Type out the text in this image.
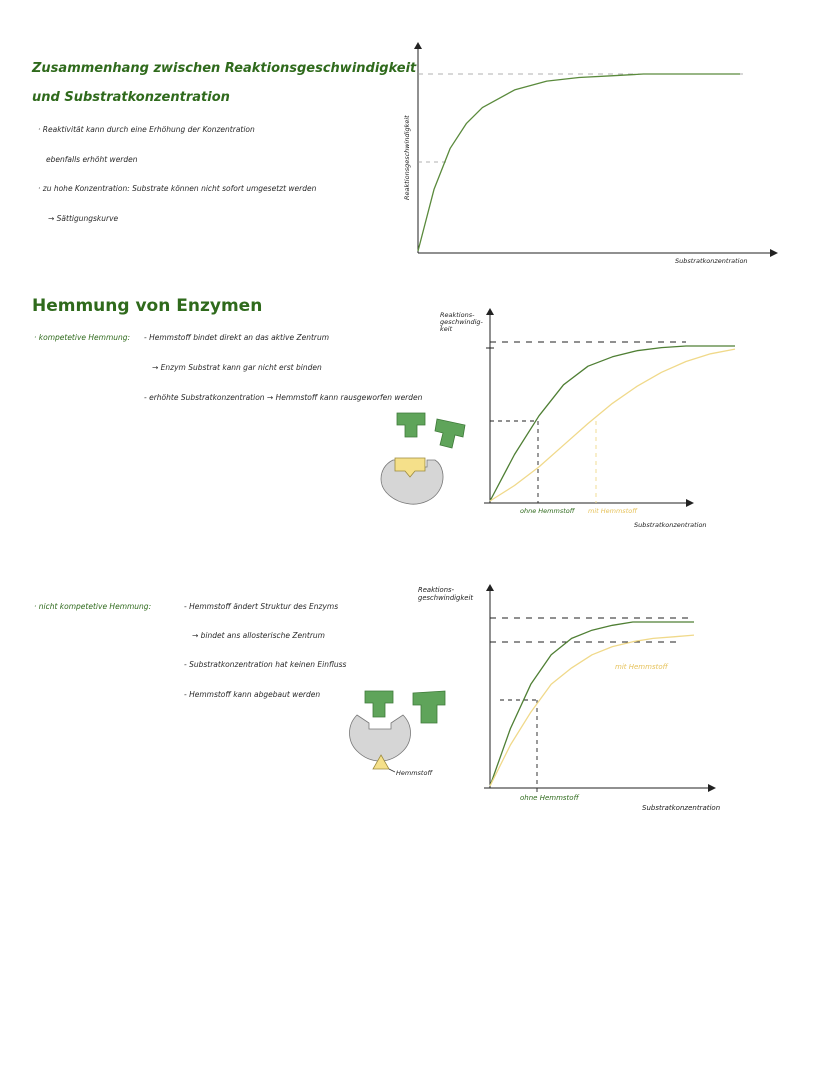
Zusammenhang zwischen Reaktionsgeschwindigkeit
und Substratkonzentration
· Reaktivität kann durch eine Erhöhung der Konzentration
ebenfalls erhöht werden
· zu hohe Konzentration: Substrate können nicht sofort umgesetzt werden
→ Sättigungskurve
Reaktionsgeschwindigkeit
Substratkonzentration
Hemmung von Enzymen
· kompetetive Hemmung: - Hemmstoff bindet direkt an das aktive Zentrum
→ Enzym Substrat kann gar nicht erst binden
- erhöhte Substratkonzentration → Hemmstoff kann rausgeworfen werden
Reaktions-
geschwindig-
keit
ohne Hemmstoff mit Hemmstoff
Substratkonzentration
· nicht kompetetive Hemmung:	- Hemmstoff ändert Struktur des Enzyms
→ bindet ans allosterische Zentrum
- Substratkonzentration hat keinen Einfluss
- Hemmstoff kann abgebaut werden
Hemmstoff
Reaktions-
geschwindigkeit
ohne Hemmstoff
mit Hemmstoff
Substratkonzentration
